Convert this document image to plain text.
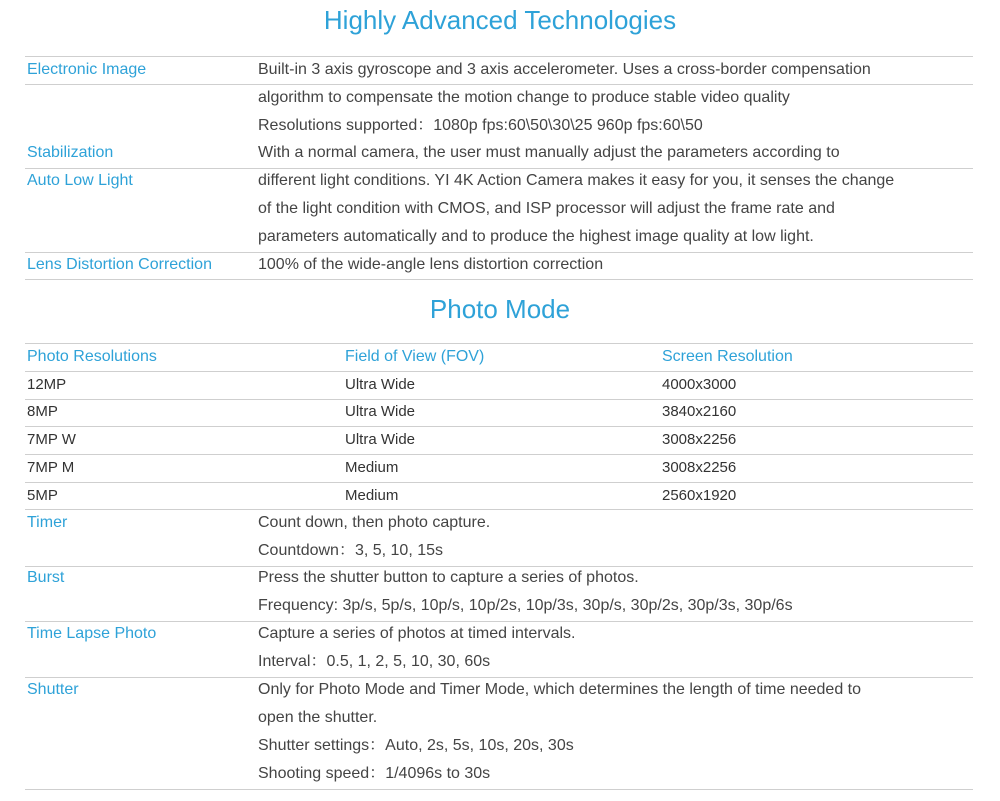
Highly Advanced Technologies
Electronic Image	Built-in 3 axis gyroscope and 3 axis accelerometer. Uses a cross-border compensation
algorithm to compensate the motion change to produce stable video quality
Resolutions supported：1080p fps:60\50\30\25 960p fps:60\50
Stabilization	With a normal camera, the user must manually adjust the parameters according to
Auto Low Light	different light conditions. YI 4K Action Camera makes it easy for you, it senses the change
of the light condition with CMOS, and ISP processor will adjust the frame rate and
parameters automatically and to produce the highest image quality at low light.
Lens Distortion Correction	100% of the wide-angle lens distortion correction
Photo Mode
Photo Resolutions	Field of View (FOV)	Screen Resolution
12MP	Ultra Wide	4000x3000
8MP	Ultra Wide	3840x2160
7MP W	Ultra Wide	3008x2256
7MP M	Medium	3008x2256
5MP	Medium	2560x1920
Timer	Count down, then photo capture.
Countdown：3, 5, 10, 15s
Burst	Press the shutter button to capture a series of photos.
Frequency: 3p/s, 5p/s, 10p/s, 10p/2s, 10p/3s, 30p/s, 30p/2s, 30p/3s, 30p/6s
Time Lapse Photo	Capture a series of photos at timed intervals.
Interval：0.5, 1, 2, 5, 10, 30, 60s
Shutter	Only for Photo Mode and Timer Mode, which determines the length of time needed to
open the shutter.
Shutter settings：Auto, 2s, 5s, 10s, 20s, 30s
Shooting speed：1/4096s to 30s
